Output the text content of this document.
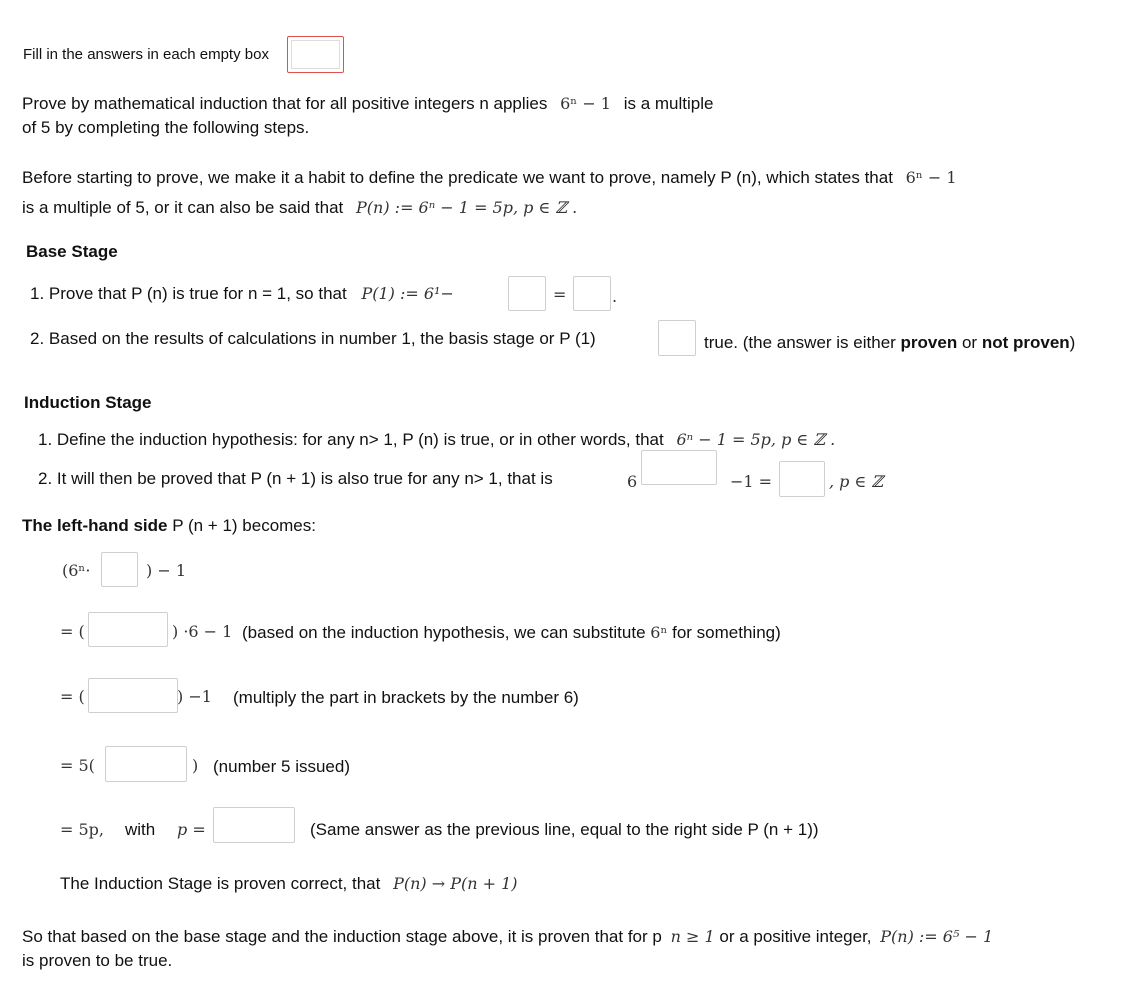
Fill in the answers in each empty box
Prove by mathematical induction that for all positive integers n applies 6ⁿ − 1 is a multiple
of 5 by completing the following steps.
Before starting to prove, we make it a habit to define the predicate we want to prove, namely P (n), which states that 6ⁿ − 1
is a multiple of 5, or it can also be said that P(n) := 6ⁿ − 1 = 5p, p ∈ ℤ .
Base Stage
1. Prove that P (n) is true for n = 1, so that P(1) := 6¹−	=	.
2. Based on the results of calculations in number 1, the basis stage or P (1)	true. (the answer is either proven or not proven)
Induction Stage
1. Define the induction hypothesis: for any n> 1, P (n) is true, or in other words, that 6ⁿ − 1 = 5p, p ∈ ℤ .
2. It will then be proved that P (n + 1) is also true for any n> 1, that is	6	−1 =	, p ∈ ℤ
The left-hand side P (n + 1) becomes:
(6ⁿ·	) − 1
= (	) ·6 − 1 (based on the induction hypothesis, we can substitute 6ⁿ for something)
= (	) −1 (multiply the part in brackets by the number 6)
= 5(	) (number 5 issued)
= 5p, with p =	(Same answer as the previous line, equal to the right side P (n + 1))
The Induction Stage is proven correct, that P(n) → P(n + 1)
So that based on the base stage and the induction stage above, it is proven that for p n ≥ 1 or a positive integer, P(n) := 6⁵ − 1
is proven to be true.
